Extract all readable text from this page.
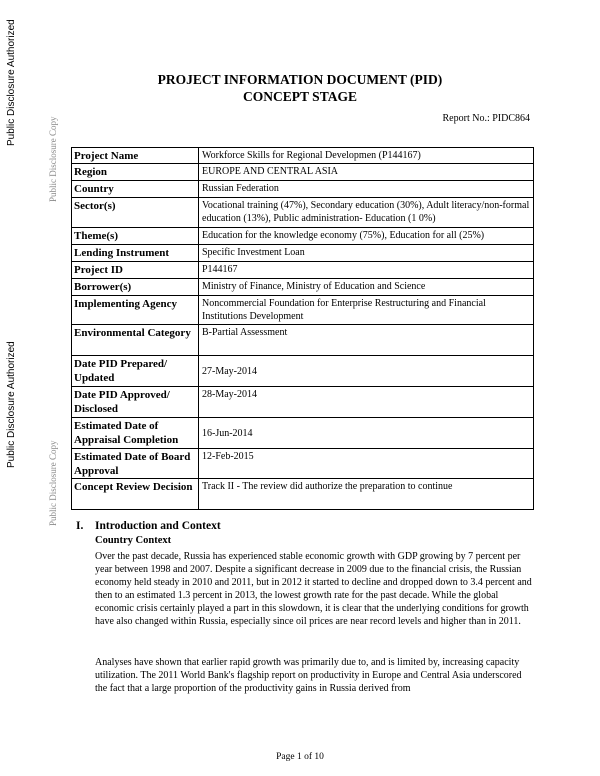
Public Disclosure Authorized
Public Disclosure Copy
Public Disclosure Authorized
Public Disclosure Copy
PROJECT INFORMATION DOCUMENT (PID)
CONCEPT STAGE
Report No.: PIDC864
Project Name	Workforce Skills for Regional Developmen (P144167)
Region	EUROPE AND CENTRAL ASIA
Country	Russian Federation
Sector(s)	Vocational training (47%), Secondary education (30%), Adult literacy/non-formal education (13%), Public administration- Education (1 0%)
Theme(s)	Education for the knowledge economy (75%), Education for all (25%)
Lending Instrument	Specific Investment Loan
Project ID	P144167
Borrower(s)	Ministry of Finance, Ministry of Education and Science
Implementing Agency	Noncommercial Foundation for Enterprise Restructuring and Financial Institutions Development
Environmental Category	B-Partial Assessment
Date PID Prepared/ Updated	27-May-2014
Date PID Approved/ Disclosed	28-May-2014
Estimated Date of Appraisal Completion	16-Jun-2014
Estimated Date of Board Approval	12-Feb-2015
Concept Review Decision	Track II - The review did authorize the preparation to continue
I. Introduction and Context
Country Context

Over the past decade, Russia has experienced stable economic growth with GDP growing by 7 percent per year between 1998 and 2007. Despite a significant decrease in 2009 due to the financial crisis, the Russian economy held steady in 2010 and 2011, but in 2012 it started to decline and dropped down to 3.4 percent and then to an estimated 1.3 percent in 2013, the lowest growth rate for the past decade. While the global economic crisis certainly played a part in this slowdown, it is clear that the underlying conditions for growth have also changed within Russia, especially since oil prices are near record levels and higher than in 2011.

Analyses have shown that earlier rapid growth was primarily due to, and is limited by, increasing capacity utilization. The 2011 World Bank's flagship report on productivity in Europe and Central Asia underscored the fact that a large proportion of the productivity gains in Russia derived from

Page 1 of 10
